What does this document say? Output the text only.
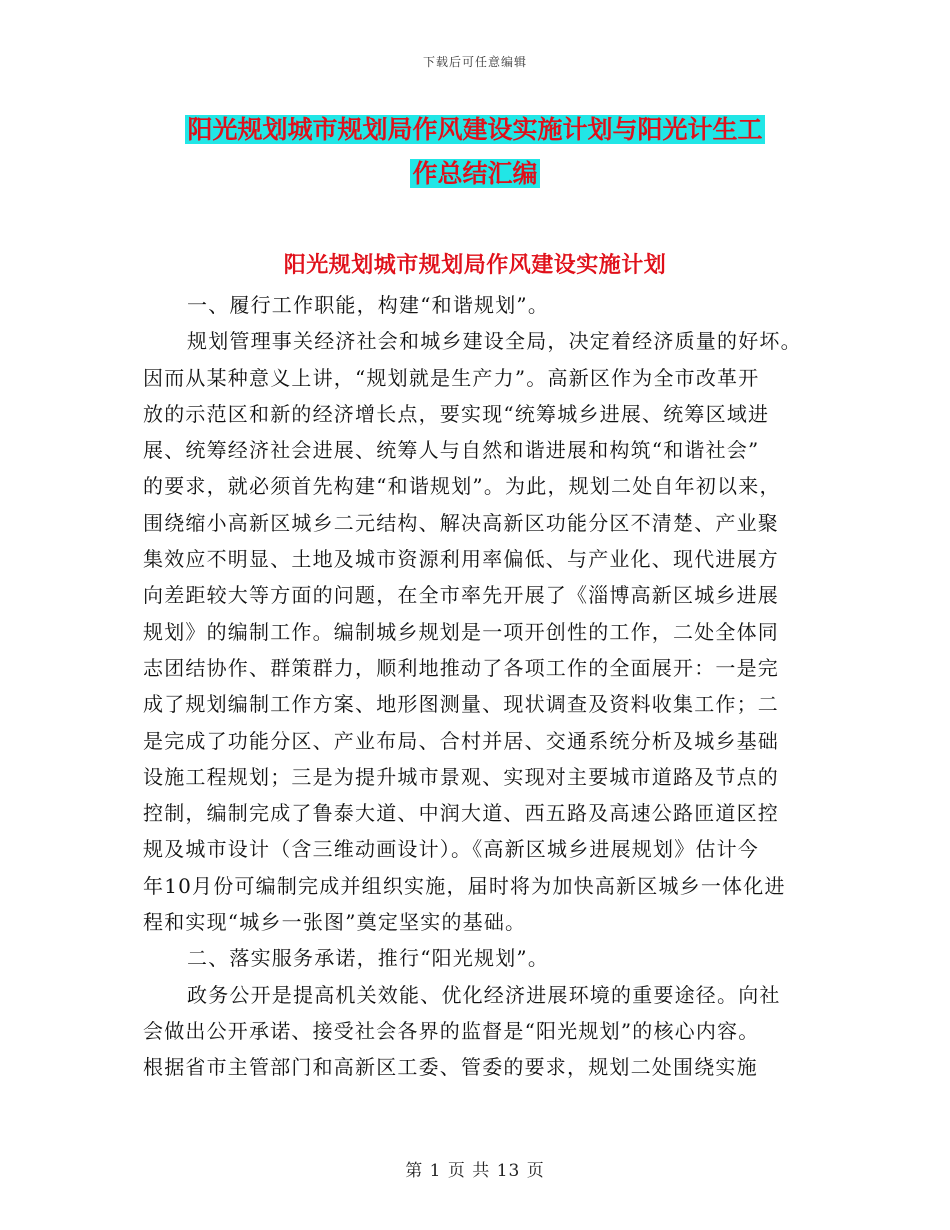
下载后可任意编辑
阳光规划城市规划局作风建设实施计划与阳光计生工
作总结汇编
阳光规划城市规划局作风建设实施计划
一、履行工作职能，构建“和谐规划”。
规划管理事关经济社会和城乡建设全局，决定着经济质量的好坏。
因而从某种意义上讲，“规划就是生产力”。高新区作为全市改革开
放的示范区和新的经济增长点，要实现“统筹城乡进展、统筹区域进
展、统筹经济社会进展、统筹人与自然和谐进展和构筑“和谐社会”
的要求，就必须首先构建“和谐规划”。为此，规划二处自年初以来，
围绕缩小高新区城乡二元结构、解决高新区功能分区不清楚、产业聚
集效应不明显、土地及城市资源利用率偏低、与产业化、现代进展方
向差距较大等方面的问题，在全市率先开展了《淄博高新区城乡进展
规划》的编制工作。编制城乡规划是一项开创性的工作，二处全体同
志团结协作、群策群力，顺利地推动了各项工作的全面展开：一是完
成了规划编制工作方案、地形图测量、现状调查及资料收集工作；二
是完成了功能分区、产业布局、合村并居、交通系统分析及城乡基础
设施工程规划；三是为提升城市景观、实现对主要城市道路及节点的
控制，编制完成了鲁泰大道、中润大道、西五路及高速公路匝道区控
规及城市设计（含三维动画设计）。《高新区城乡进展规划》估计今
年10月份可编制完成并组织实施，届时将为加快高新区城乡一体化进
程和实现“城乡一张图”奠定坚实的基础。
二、落实服务承诺，推行“阳光规划”。
政务公开是提高机关效能、优化经济进展环境的重要途径。向社
会做出公开承诺、接受社会各界的监督是“阳光规划”的核心内容。
根据省市主管部门和高新区工委、管委的要求，规划二处围绕实施
第 1 页 共 13 页
